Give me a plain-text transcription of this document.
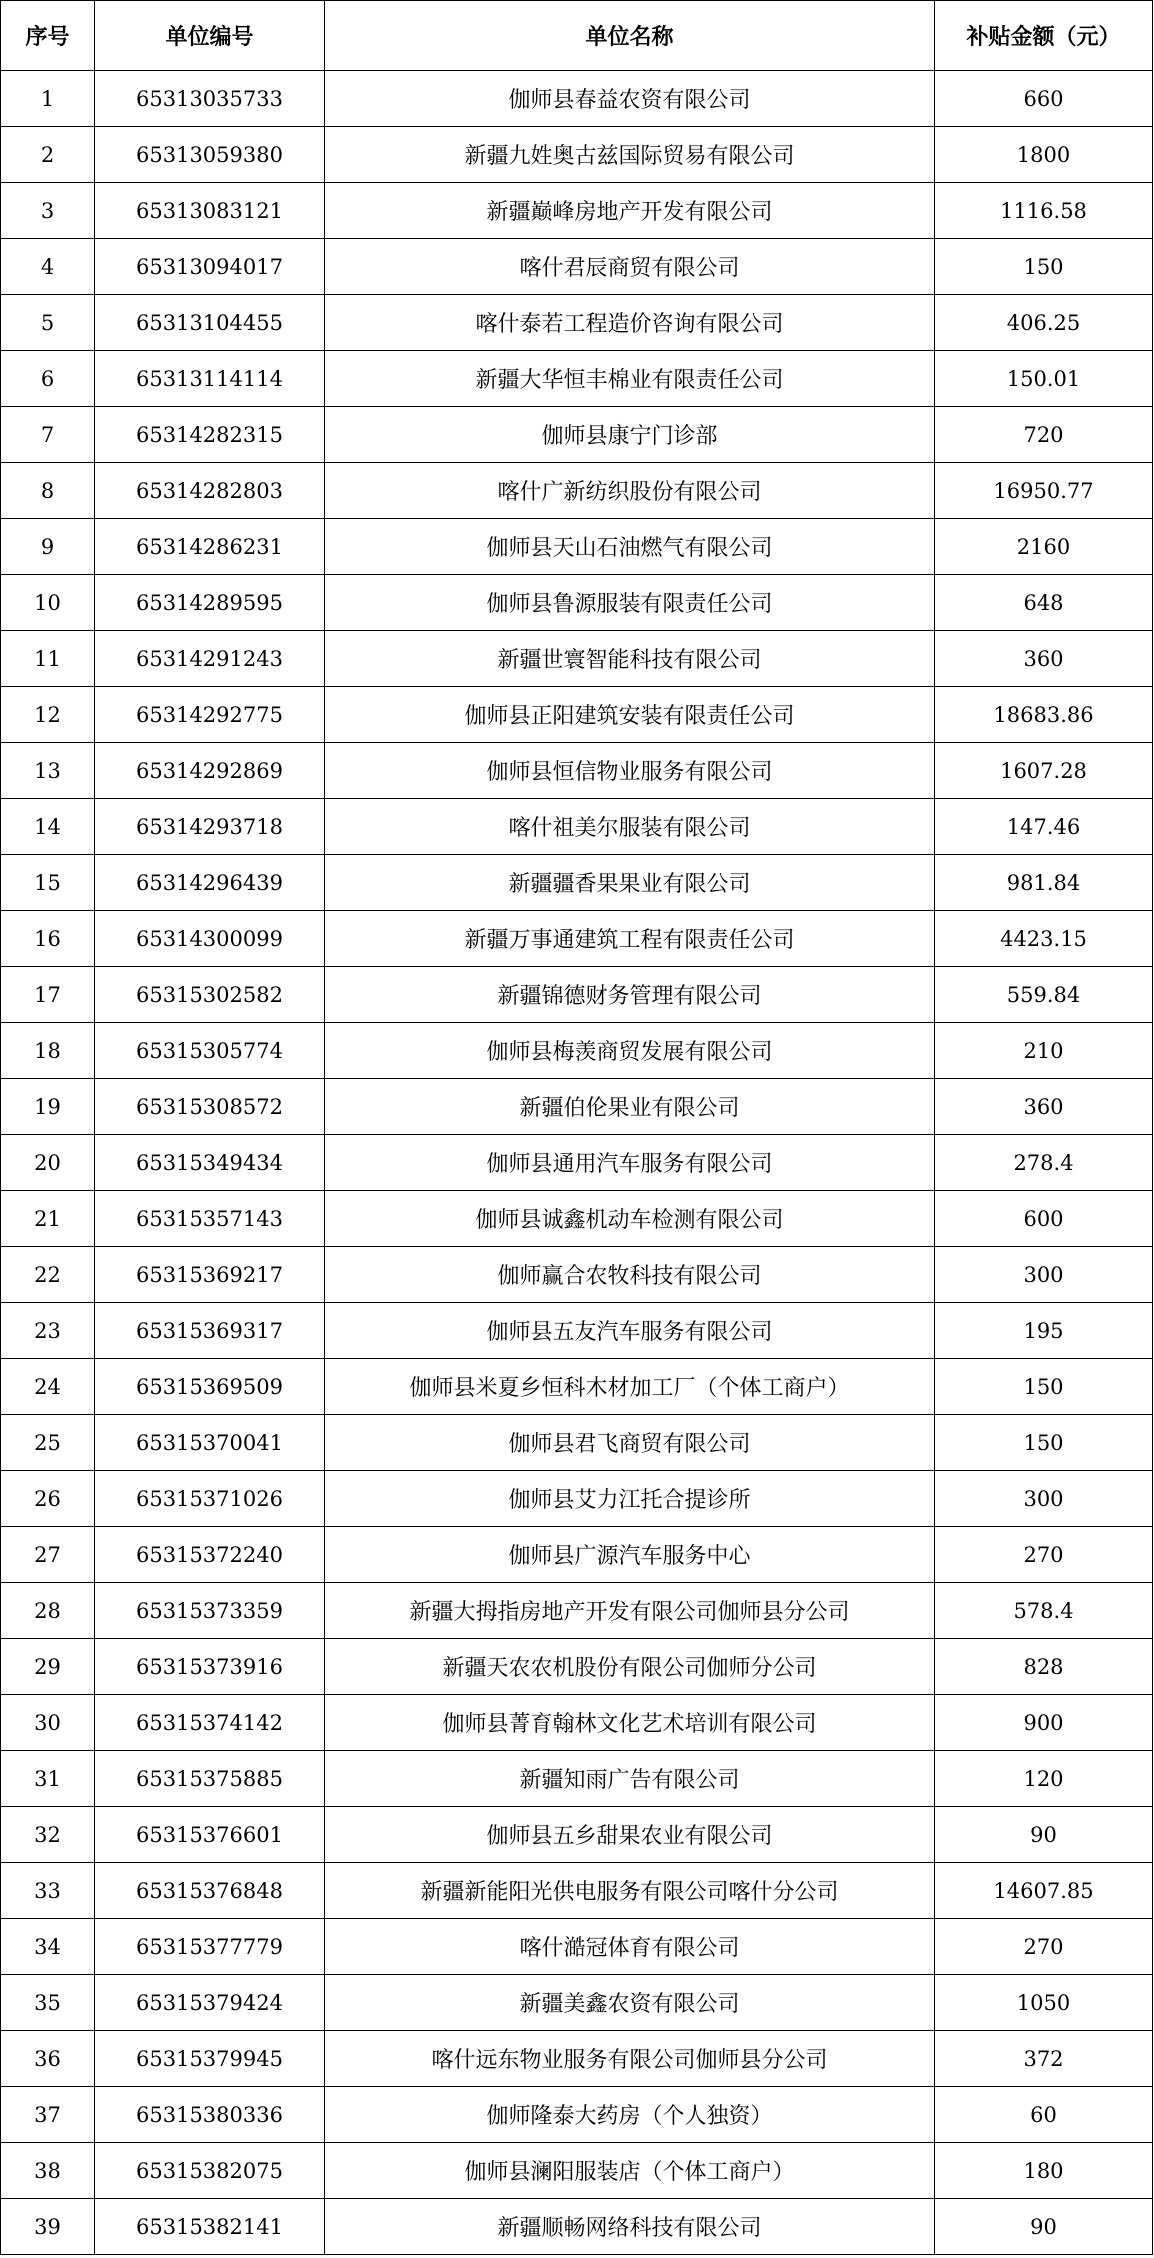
序号	单位编号	单位名称	补贴金额（元）
1	65313035733	伽师县春益农资有限公司	660
2	65313059380	新疆九姓奥古兹国际贸易有限公司	1800
3	65313083121	新疆巅峰房地产开发有限公司	1116.58
4	65313094017	喀什君辰商贸有限公司	150
5	65313104455	喀什泰若工程造价咨询有限公司	406.25
6	65313114114	新疆大华恒丰棉业有限责任公司	150.01
7	65314282315	伽师县康宁门诊部	720
8	65314282803	喀什广新纺织股份有限公司	16950.77
9	65314286231	伽师县天山石油燃气有限公司	2160
10	65314289595	伽师县鲁源服装有限责任公司	648
11	65314291243	新疆世寰智能科技有限公司	360
12	65314292775	伽师县正阳建筑安装有限责任公司	18683.86
13	65314292869	伽师县恒信物业服务有限公司	1607.28
14	65314293718	喀什祖美尔服装有限公司	147.46
15	65314296439	新疆疆香果果业有限公司	981.84
16	65314300099	新疆万事通建筑工程有限责任公司	4423.15
17	65315302582	新疆锦德财务管理有限公司	559.84
18	65315305774	伽师县梅羡商贸发展有限公司	210
19	65315308572	新疆伯伦果业有限公司	360
20	65315349434	伽师县通用汽车服务有限公司	278.4
21	65315357143	伽师县诚鑫机动车检测有限公司	600
22	65315369217	伽师赢合农牧科技有限公司	300
23	65315369317	伽师县五友汽车服务有限公司	195
24	65315369509	伽师县米夏乡恒科木材加工厂（个体工商户）	150
25	65315370041	伽师县君飞商贸有限公司	150
26	65315371026	伽师县艾力江托合提诊所	300
27	65315372240	伽师县广源汽车服务中心	270
28	65315373359	新疆大拇指房地产开发有限公司伽师县分公司	578.4
29	65315373916	新疆天农农机股份有限公司伽师分公司	828
30	65315374142	伽师县菁育翰林文化艺术培训有限公司	900
31	65315375885	新疆知雨广告有限公司	120
32	65315376601	伽师县五乡甜果农业有限公司	90
33	65315376848	新疆新能阳光供电服务有限公司喀什分公司	14607.85
34	65315377779	喀什澔冠体育有限公司	270
35	65315379424	新疆美鑫农资有限公司	1050
36	65315379945	喀什远东物业服务有限公司伽师县分公司	372
37	65315380336	伽师隆泰大药房（个人独资）	60
38	65315382075	伽师县澜阳服装店（个体工商户）	180
39	65315382141	新疆顺畅网络科技有限公司	90
